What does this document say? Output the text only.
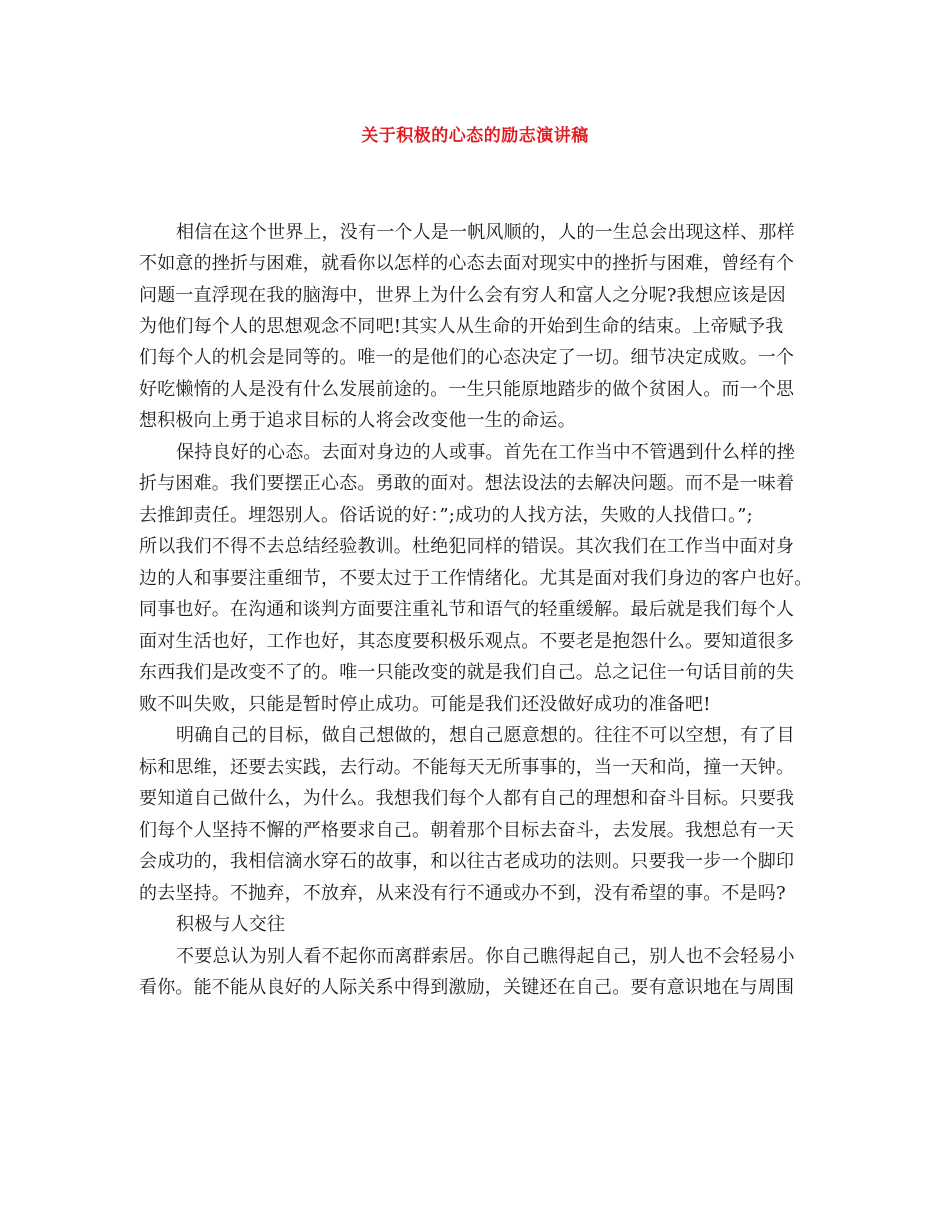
关于积极的心态的励志演讲稿

相信在这个世界上，没有一个人是一帆风顺的，人的一生总会出现这样、那样

不如意的挫折与困难，就看你以怎样的心态去面对现实中的挫折与困难，曾经有个

问题一直浮现在我的脑海中，世界上为什么会有穷人和富人之分呢?我想应该是因

为他们每个人的思想观念不同吧!其实人从生命的开始到生命的结束。上帝赋予我

们每个人的机会是同等的。唯一的是他们的心态决定了一切。细节决定成败。一个

好吃懒惰的人是没有什么发展前途的。一生只能原地踏步的做个贫困人。而一个思

想积极向上勇于追求目标的人将会改变他一生的命运。

保持良好的心态。去面对身边的人或事。首先在工作当中不管遇到什么样的挫

折与困难。我们要摆正心态。勇敢的面对。想法设法的去解决问题。而不是一味着

去推卸责任。埋怨别人。俗话说的好：”;成功的人找方法，失败的人找借口。”;

所以我们不得不去总结经验教训。杜绝犯同样的错误。其次我们在工作当中面对身

边的人和事要注重细节，不要太过于工作情绪化。尤其是面对我们身边的客户也好。

同事也好。在沟通和谈判方面要注重礼节和语气的轻重缓解。最后就是我们每个人

面对生活也好，工作也好，其态度要积极乐观点。不要老是抱怨什么。要知道很多

东西我们是改变不了的。唯一只能改变的就是我们自己。总之记住一句话目前的失

败不叫失败，只能是暂时停止成功。可能是我们还没做好成功的准备吧!

明确自己的目标，做自己想做的，想自己愿意想的。往往不可以空想，有了目

标和思维，还要去实践，去行动。不能每天无所事事的，当一天和尚，撞一天钟。

要知道自己做什么，为什么。我想我们每个人都有自己的理想和奋斗目标。只要我

们每个人坚持不懈的严格要求自己。朝着那个目标去奋斗，去发展。我想总有一天

会成功的，我相信滴水穿石的故事，和以往古老成功的法则。只要我一步一个脚印

的去坚持。不抛弃，不放弃，从来没有行不通或办不到，没有希望的事。不是吗?

积极与人交往

不要总认为别人看不起你而离群索居。你自己瞧得起自己，别人也不会轻易小

看你。能不能从良好的人际关系中得到激励，关键还在自己。要有意识地在与周围
